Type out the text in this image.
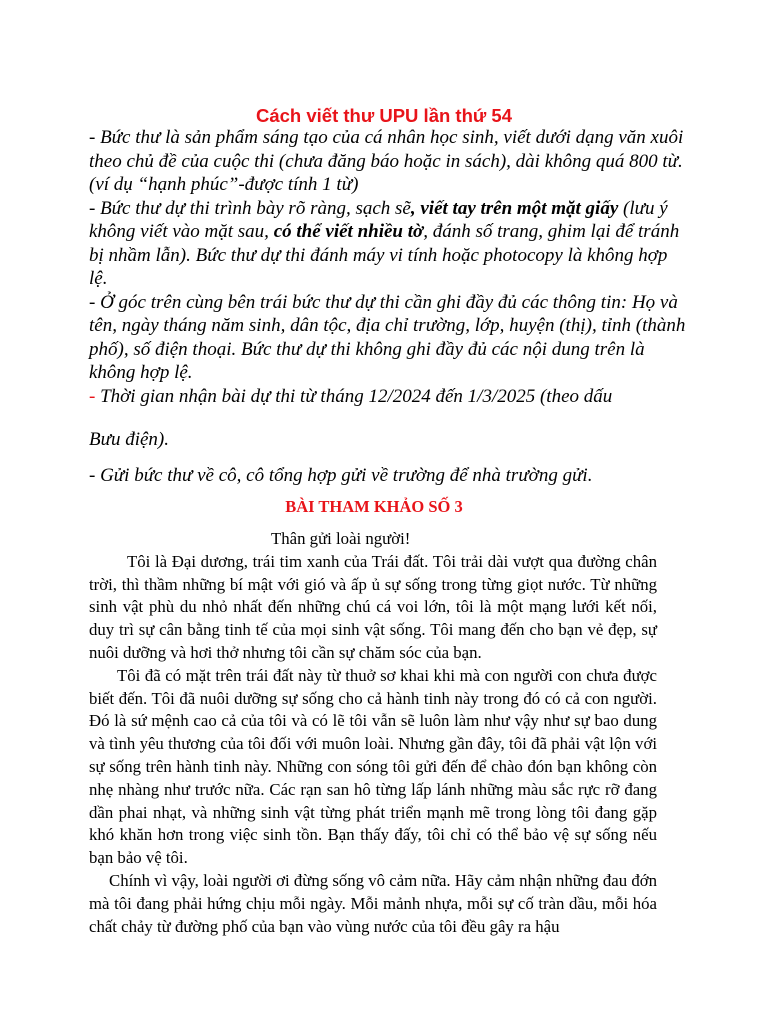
Cách viết thư UPU lần thứ 54

- Bức thư là sản phẩm sáng tạo của cá nhân học sinh, viết dưới dạng văn xuôi theo chủ đề của cuộc thi (chưa đăng báo hoặc in sách), dài không quá 800 từ.(ví dụ “hạnh phúc”-được tính 1 từ)

- Bức thư dự thi trình bày rõ ràng, sạch sẽ, viết tay trên một mặt giấy (lưu ý không viết vào mặt sau, có thể viết nhiều tờ, đánh số trang, ghim lại để tránh bị nhầm lẫn). Bức thư dự thi đánh máy vi tính hoặc photocopy là không hợp lệ.

- Ở góc trên cùng bên trái bức thư dự thi cần ghi đầy đủ các thông tin: Họ và tên, ngày tháng năm sinh, dân tộc, địa chỉ trường, lớp, huyện (thị), tỉnh (thành phố), số điện thoại. Bức thư dự thi không ghi đầy đủ các nội dung trên là không hợp lệ.

- Thời gian nhận bài dự thi từ tháng 12/2024 đến 1/3/2025 (theo dấu

Bưu điện).

- Gửi bức thư về cô, cô tổng hợp gửi về trường để nhà trường gửi.

BÀI THAM KHẢO SỐ 3

Thân gửi loài người!

Tôi là Đại dương, trái tim xanh của Trái đất. Tôi trải dài vượt qua đường chân trời, thì thầm những bí mật với gió và ấp ủ sự sống trong từng giọt nước. Từ những sinh vật phù du nhỏ nhất đến những chú cá voi lớn, tôi là một mạng lưới kết nối, duy trì sự cân bằng tinh tế của mọi sinh vật sống. Tôi mang đến cho bạn vẻ đẹp, sự nuôi dưỡng và hơi thở nhưng tôi cần sự chăm sóc của bạn.

Tôi đã có mặt trên trái đất này từ thuở sơ khai khi mà con người con chưa được biết đến. Tôi đã nuôi dưỡng sự sống cho cả hành tinh này trong đó có cả con người. Đó là sứ mệnh cao cả của tôi và có lẽ tôi vẫn sẽ luôn làm như vậy như sự bao dung và tình yêu thương của tôi đối với muôn loài. Nhưng gần đây, tôi đã phải vật lộn với sự sống trên hành tinh này. Những con sóng tôi gửi đến để chào đón bạn không còn nhẹ nhàng như trước nữa. Các rạn san hô từng lấp lánh những màu sắc rực rỡ đang dần phai nhạt, và những sinh vật từng phát triển mạnh mẽ trong lòng tôi đang gặp khó khăn hơn trong việc sinh tồn. Bạn thấy đấy, tôi chỉ có thể bảo vệ sự sống nếu bạn bảo vệ tôi.

Chính vì vậy, loài người ơi đừng sống vô cảm nữa. Hãy cảm nhận những đau đớn mà tôi đang phải hứng chịu mỗi ngày. Mỗi mảnh nhựa, mỗi sự cố tràn dầu, mỗi hóa chất chảy từ đường phố của bạn vào vùng nước của tôi đều gây ra hậu
